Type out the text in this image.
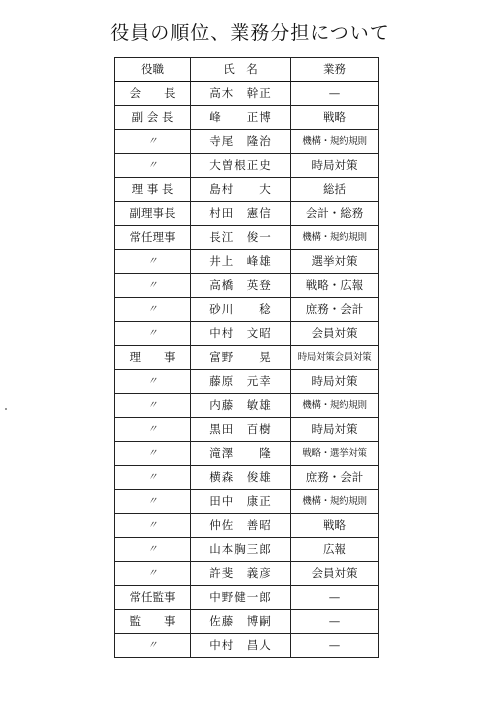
役員の順位、業務分担について
役職	氏　名	業務
会　　長	高木　幹正	—
副 会 長	峰　　正博	戦略
〃	寺尾　隆治	機構・規約規則
〃	大曽根正史	時局対策
理 事 長	島村　　大	総括
副理事長	村田　憲信	会計・総務
常任理事	長江　俊一	機構・規約規則
〃	井上　峰雄	選挙対策
〃	高橋　英登	戦略・広報
〃	砂川　　稔	庶務・会計
〃	中村　文昭	会員対策
理　　事	富野　　晃	時局対策会員対策
〃	藤原　元幸	時局対策
〃	内藤　敏雄	機構・規約規則
〃	黒田　百樹	時局対策
〃	滝澤　　隆	戦略・選挙対策
〃	横森　俊雄	庶務・会計
〃	田中　康正	機構・規約規則
〃	仲佐　善昭	戦略
〃	山本胸三郎	広報
〃	許斐　義彦	会員対策
常任監事	中野健一郎	—
監　　事	佐藤　博嗣	—
〃	中村　昌人	—
